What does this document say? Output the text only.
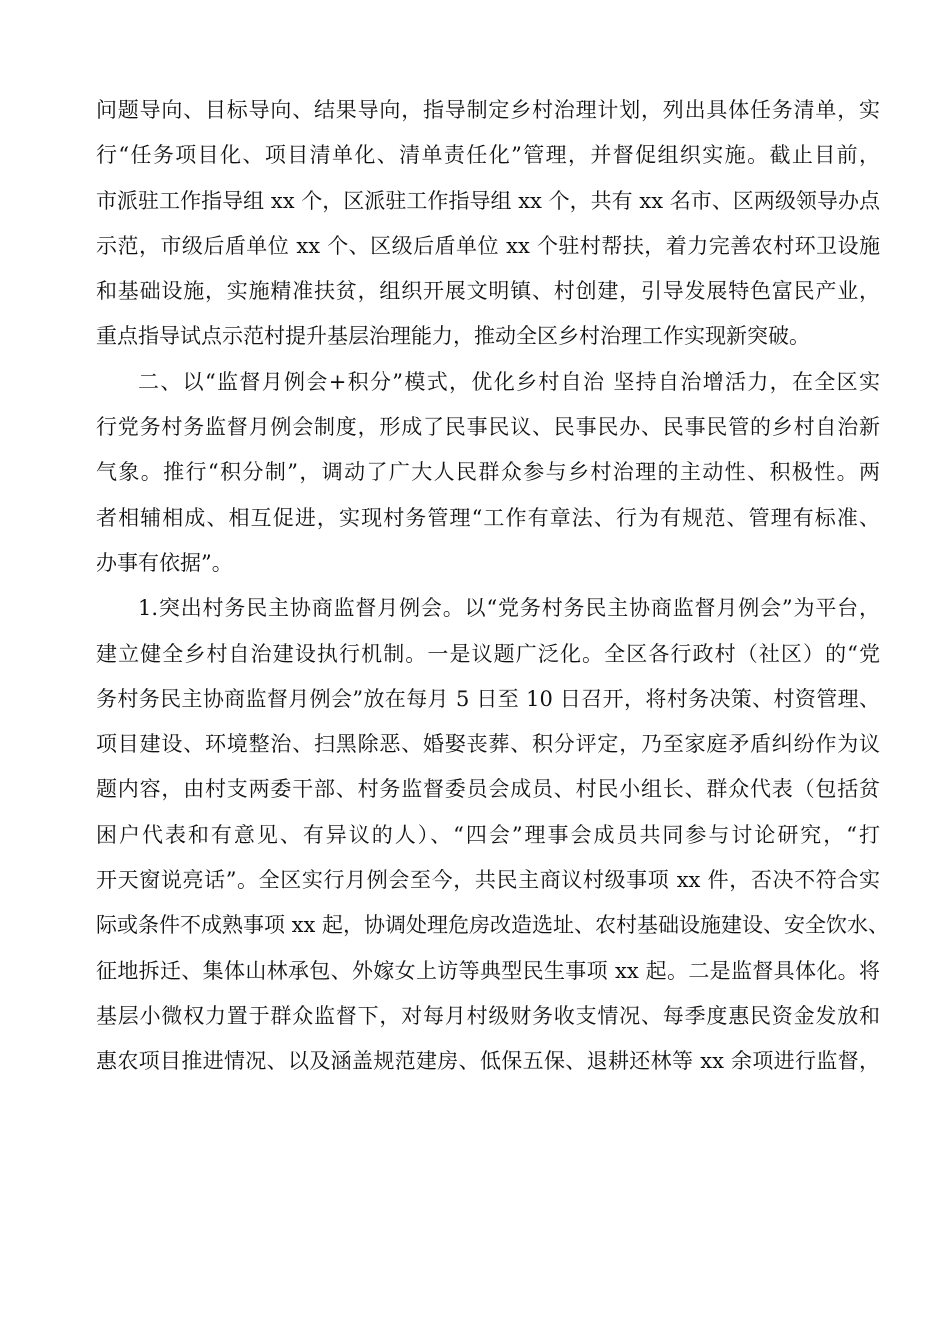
问题导向、目标导向、结果导向，指导制定乡村治理计划，列出具体任务清单，实
行“任务项目化、项目清单化、清单责任化”管理，并督促组织实施。截止目前，
市派驻工作指导组 xx 个，区派驻工作指导组 xx 个，共有 xx 名市、区两级领导办点
示范，市级后盾单位 xx 个、区级后盾单位 xx 个驻村帮扶，着力完善农村环卫设施
和基础设施，实施精准扶贫，组织开展文明镇、村创建，引导发展特色富民产业，
重点指导试点示范村提升基层治理能力，推动全区乡村治理工作实现新突破。
二、以“监督月例会+积分”模式，优化乡村自治 坚持自治增活力，在全区实
行党务村务监督月例会制度，形成了民事民议、民事民办、民事民管的乡村自治新
气象。推行“积分制”，调动了广大人民群众参与乡村治理的主动性、积极性。两
者相辅相成、相互促进，实现村务管理“工作有章法、行为有规范、管理有标准、
办事有依据”。
1.突出村务民主协商监督月例会。以“党务村务民主协商监督月例会”为平台，
建立健全乡村自治建设执行机制。一是议题广泛化。全区各行政村（社区）的“党
务村务民主协商监督月例会”放在每月 5 日至 10 日召开，将村务决策、村资管理、
项目建设、环境整治、扫黑除恶、婚娶丧葬、积分评定，乃至家庭矛盾纠纷作为议
题内容，由村支两委干部、村务监督委员会成员、村民小组长、群众代表（包括贫
困户代表和有意见、有异议的人）、“四会”理事会成员共同参与讨论研究，“打
开天窗说亮话”。全区实行月例会至今，共民主商议村级事项 xx 件，否决不符合实
际或条件不成熟事项 xx 起，协调处理危房改造选址、农村基础设施建设、安全饮水、
征地拆迁、集体山林承包、外嫁女上访等典型民生事项 xx 起。二是监督具体化。将
基层小微权力置于群众监督下，对每月村级财务收支情况、每季度惠民资金发放和
惠农项目推进情况、以及涵盖规范建房、低保五保、退耕还林等 xx 余项进行监督，
